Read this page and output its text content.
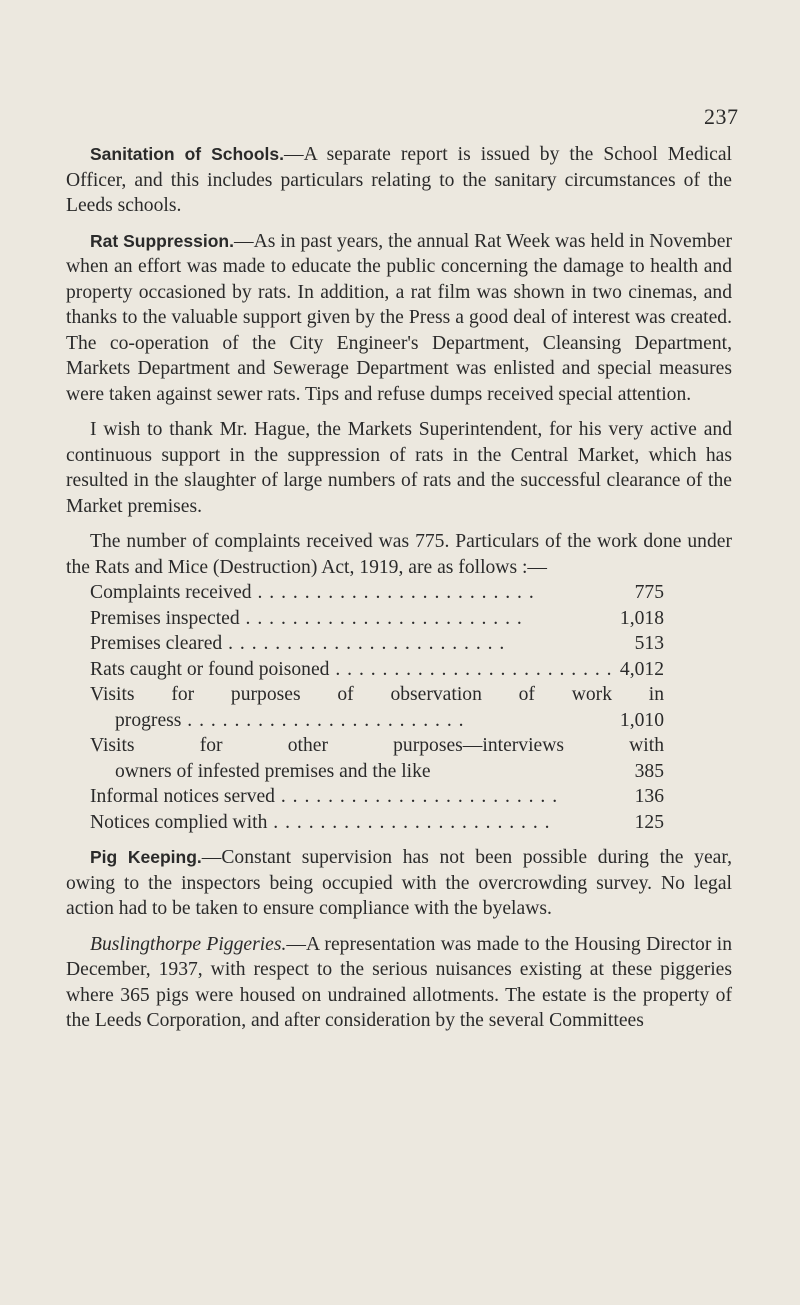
237

Sanitation of Schools.—A separate report is issued by the School Medical Officer, and this includes particulars relating to the sanitary circumstances of the Leeds schools.

Rat Suppression.—As in past years, the annual Rat Week was held in November when an effort was made to educate the public concerning the damage to health and property occasioned by rats. In addition, a rat film was shown in two cinemas, and thanks to the valuable support given by the Press a good deal of interest was created. The co-operation of the City Engineer's Department, Cleansing Department, Markets Department and Sewerage Department was enlisted and special measures were taken against sewer rats. Tips and refuse dumps received special attention.

I wish to thank Mr. Hague, the Markets Superintendent, for his very active and continuous support in the suppression of rats in the Central Market, which has resulted in the slaughter of large numbers of rats and the successful clearance of the Market premises.

The number of complaints received was 775. Particulars of the work done under the Rats and Mice (Destruction) Act, 1919, are as follows :—

Complaints received . .	775
Premises inspected . .	1,018
Premises cleared . .	513
Rats caught or found poisoned . .	4,012
Visits for purposes of observation of work in
progress . .	1,010
Visits for other purposes—interviews with
owners of infested premises and the like	385
Informal notices served . .	136
Notices complied with . .	125

Pig Keeping.—Constant supervision has not been possible during the year, owing to the inspectors being occupied with the overcrowding survey. No legal action had to be taken to ensure compliance with the byelaws.

Buslingthorpe Piggeries.—A representation was made to the Housing Director in December, 1937, with respect to the serious nuisances existing at these piggeries where 365 pigs were housed on undrained allotments. The estate is the property of the Leeds Corporation, and after consideration by the several Committees
